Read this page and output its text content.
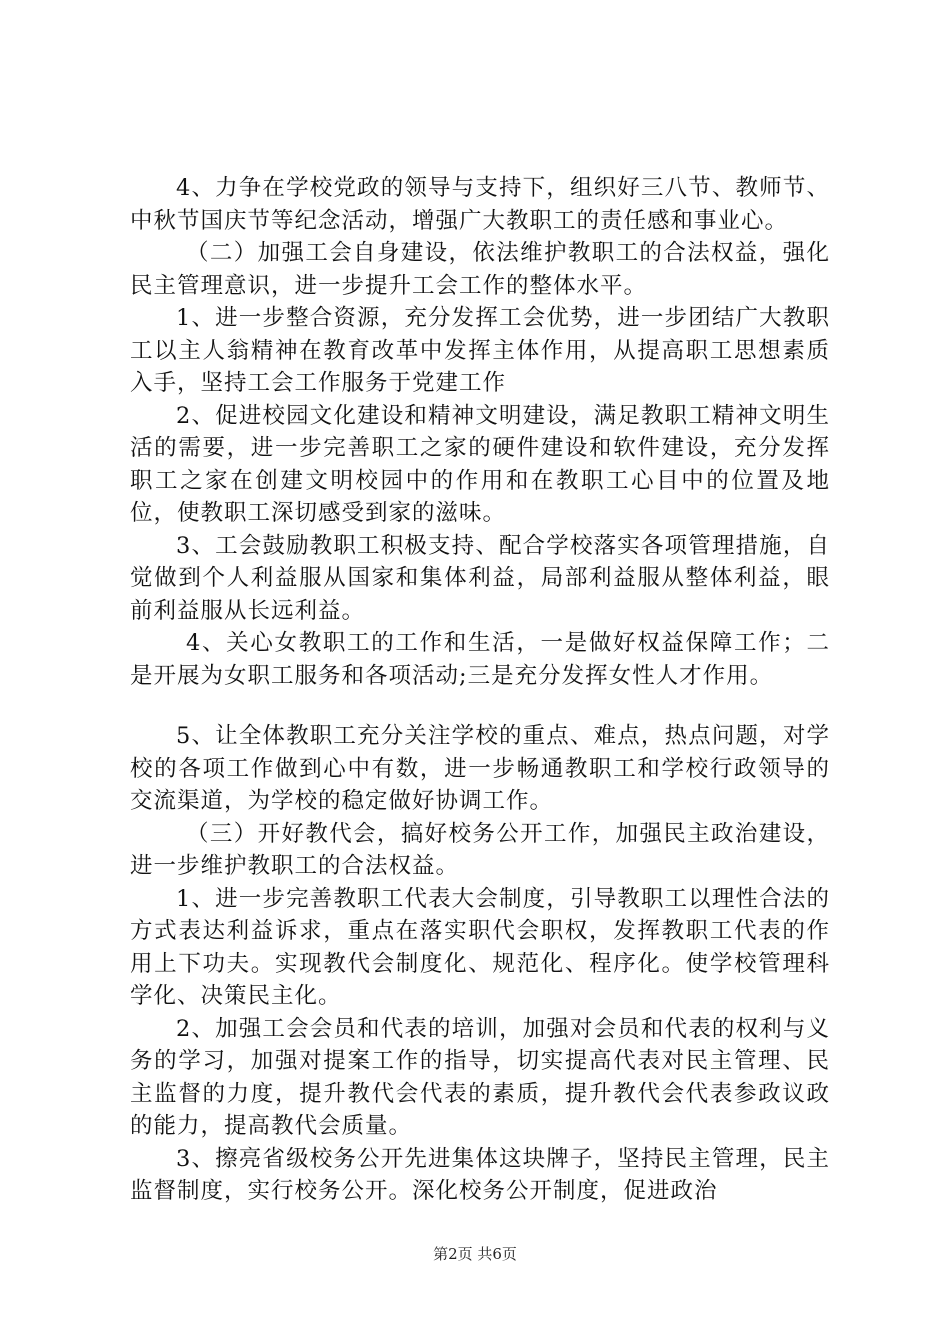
4、力争在学校党政的领导与支持下，组织好三八节、教师节、中秋节国庆节等纪念活动，增强广大教职工的责任感和事业心。

（二）加强工会自身建设，依法维护教职工的合法权益，强化民主管理意识，进一步提升工会工作的整体水平。

1、进一步整合资源，充分发挥工会优势，进一步团结广大教职工以主人翁精神在教育改革中发挥主体作用，从提高职工思想素质入手，坚持工会工作服务于党建工作

2、促进校园文化建设和精神文明建设，满足教职工精神文明生活的需要，进一步完善职工之家的硬件建设和软件建设，充分发挥职工之家在创建文明校园中的作用和在教职工心目中的位置及地位，使教职工深切感受到家的滋味。

3、工会鼓励教职工积极支持、配合学校落实各项管理措施，自觉做到个人利益服从国家和集体利益，局部利益服从整体利益，眼前利益服从长远利益。

4、关心女教职工的工作和生活，一是做好权益保障工作；二是开展为女职工服务和各项活动;三是充分发挥女性人才作用。

5、让全体教职工充分关注学校的重点、难点，热点问题，对学校的各项工作做到心中有数，进一步畅通教职工和学校行政领导的交流渠道，为学校的稳定做好协调工作。

（三）开好教代会，搞好校务公开工作，加强民主政治建设，进一步维护教职工的合法权益。

1、进一步完善教职工代表大会制度，引导教职工以理性合法的方式表达利益诉求，重点在落实职代会职权，发挥教职工代表的作用上下功夫。实现教代会制度化、规范化、程序化。使学校管理科学化、决策民主化。

2、加强工会会员和代表的培训，加强对会员和代表的权利与义务的学习，加强对提案工作的指导，切实提高代表对民主管理、民主监督的力度，提升教代会代表的素质，提升教代会代表参政议政的能力，提高教代会质量。

3、擦亮省级校务公开先进集体这块牌子，坚持民主管理，民主监督制度，实行校务公开。深化校务公开制度，促进政治

第2页 共6页
